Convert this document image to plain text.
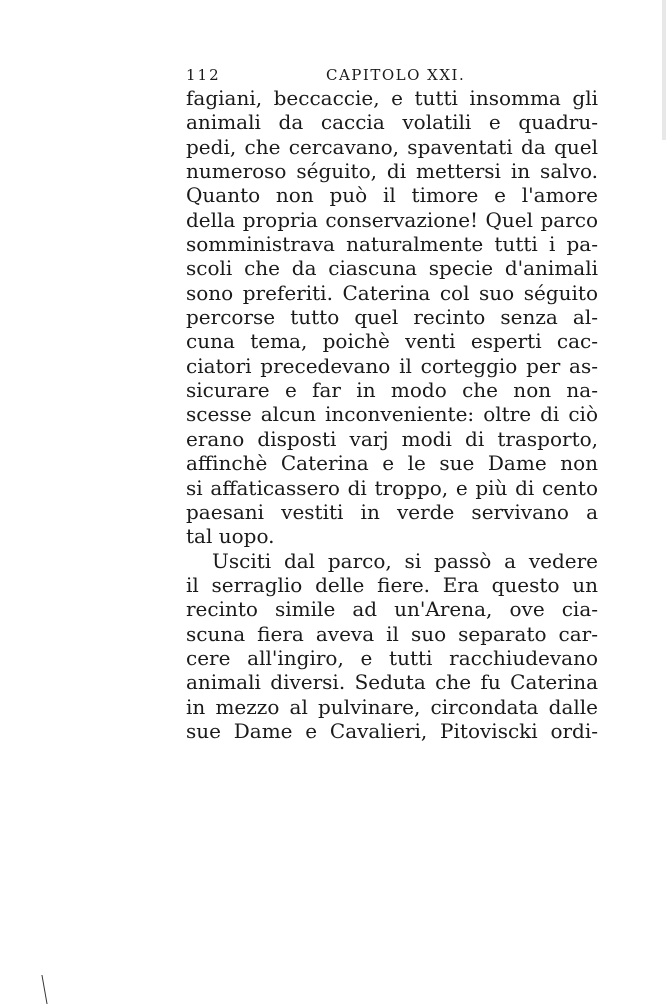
112	CAPITOLO XXI.
fagiani, beccaccie, e tutti insomma gli
animali da caccia volatili e quadru-
pedi, che cercavano, spaventati da quel
numeroso séguito, di mettersi in salvo.
Quanto non può il timore e l'amore
della propria conservazione! Quel parco
somministrava naturalmente tutti i pa-
scoli che da ciascuna specie d'animali
sono preferiti. Caterina col suo séguito
percorse tutto quel recinto senza al-
cuna tema, poichè venti esperti cac-
ciatori precedevano il corteggio per as-
sicurare e far in modo che non na-
scesse alcun inconveniente: oltre di ciò
erano disposti varj modi di trasporto,
affinchè Caterina e le sue Dame non
si affaticassero di troppo, e più di cento
paesani vestiti in verde servivano a
tal uopo.
Usciti dal parco, si passò a vedere
il serraglio delle fiere. Era questo un
recinto simile ad un'Arena, ove cia-
scuna fiera aveva il suo separato car-
cere all'ingiro, e tutti racchiudevano
animali diversi. Seduta che fu Caterina
in mezzo al pulvinare, circondata dalle
sue Dame e Cavalieri, Pitoviscki ordi-
